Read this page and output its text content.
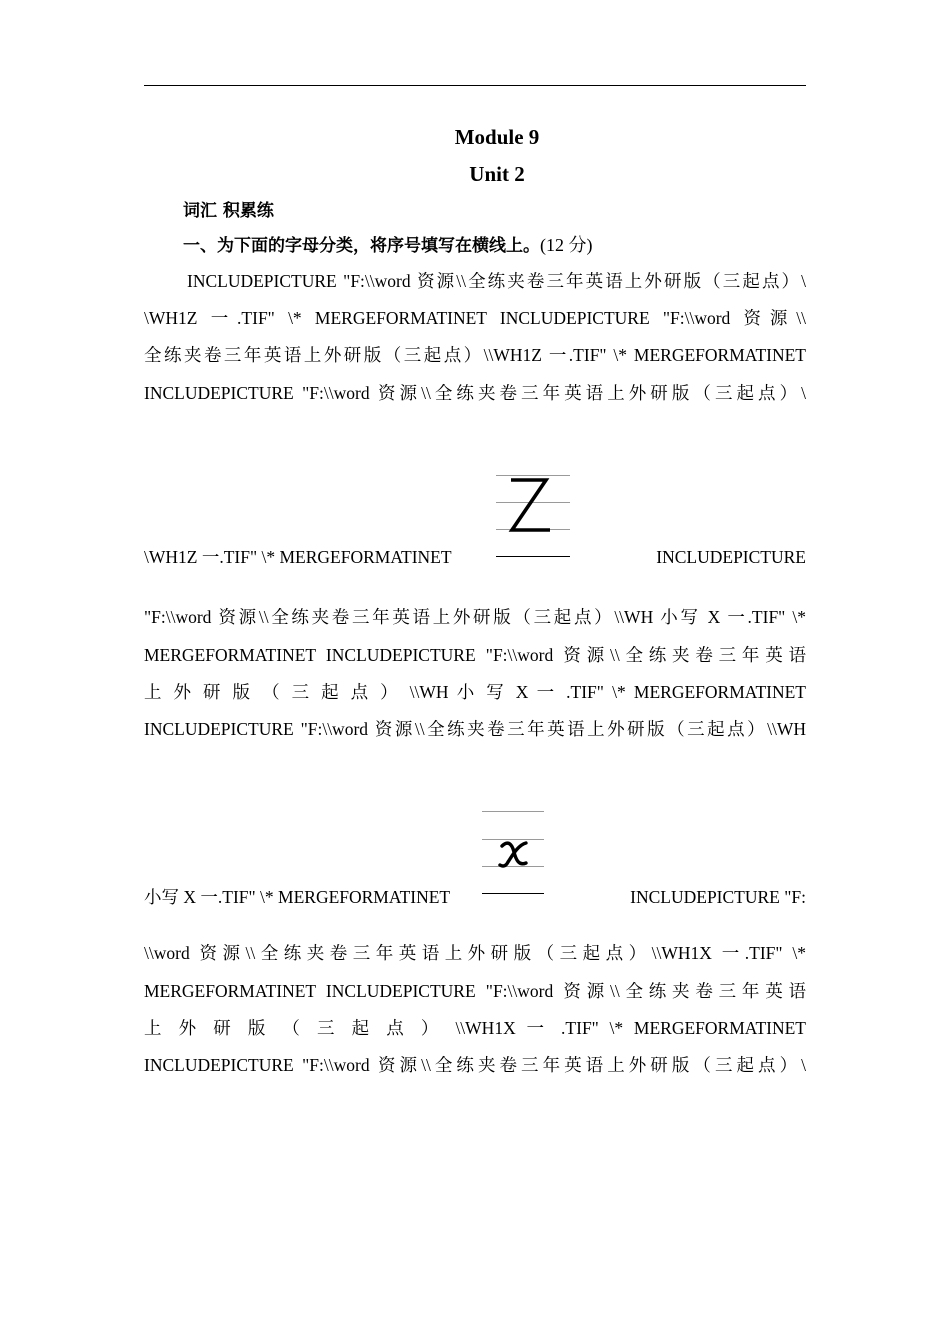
Module 9
Unit 2
词汇 积累练
一、为下面的字母分类，将序号填写在横线上。(12 分)
INCLUDEPICTURE "F:\\word 资源\\全练夹卷三年英语上外研版（三起点）\
\WH1Z 一.TIF" \* MERGEFORMATINET INCLUDEPICTURE "F:\\word 资源\\
全练夹卷三年英语上外研版（三起点）\\WH1Z 一.TIF" \* MERGEFORMATINET
INCLUDEPICTURE "F:\\word 资源\\全练夹卷三年英语上外研版（三起点）\
\WH1Z 一.TIF" \* MERGEFORMATINET	INCLUDEPICTURE
"F:\\word 资源\\全练夹卷三年英语上外研版（三起点）\\WH 小写 X 一.TIF" \*
MERGEFORMATINET INCLUDEPICTURE "F:\\word 资源\\全练夹卷三年英语
上 外 研 版 （ 三 起 点 ） \\WH 小 写 X 一 .TIF" \* MERGEFORMATINET
INCLUDEPICTURE "F:\\word 资源\\全练夹卷三年英语上外研版（三起点）\\WH
小写 X 一.TIF" \* MERGEFORMATINET	INCLUDEPICTURE "F:
\\word 资源\\全练夹卷三年英语上外研版（三起点）\\WH1X 一.TIF" \*
MERGEFORMATINET INCLUDEPICTURE "F:\\word 资源\\全练夹卷三年英语
上 外 研 版 （ 三 起 点 ） \\WH1X 一 .TIF" \* MERGEFORMATINET
INCLUDEPICTURE "F:\\word 资源\\全练夹卷三年英语上外研版（三起点）\
